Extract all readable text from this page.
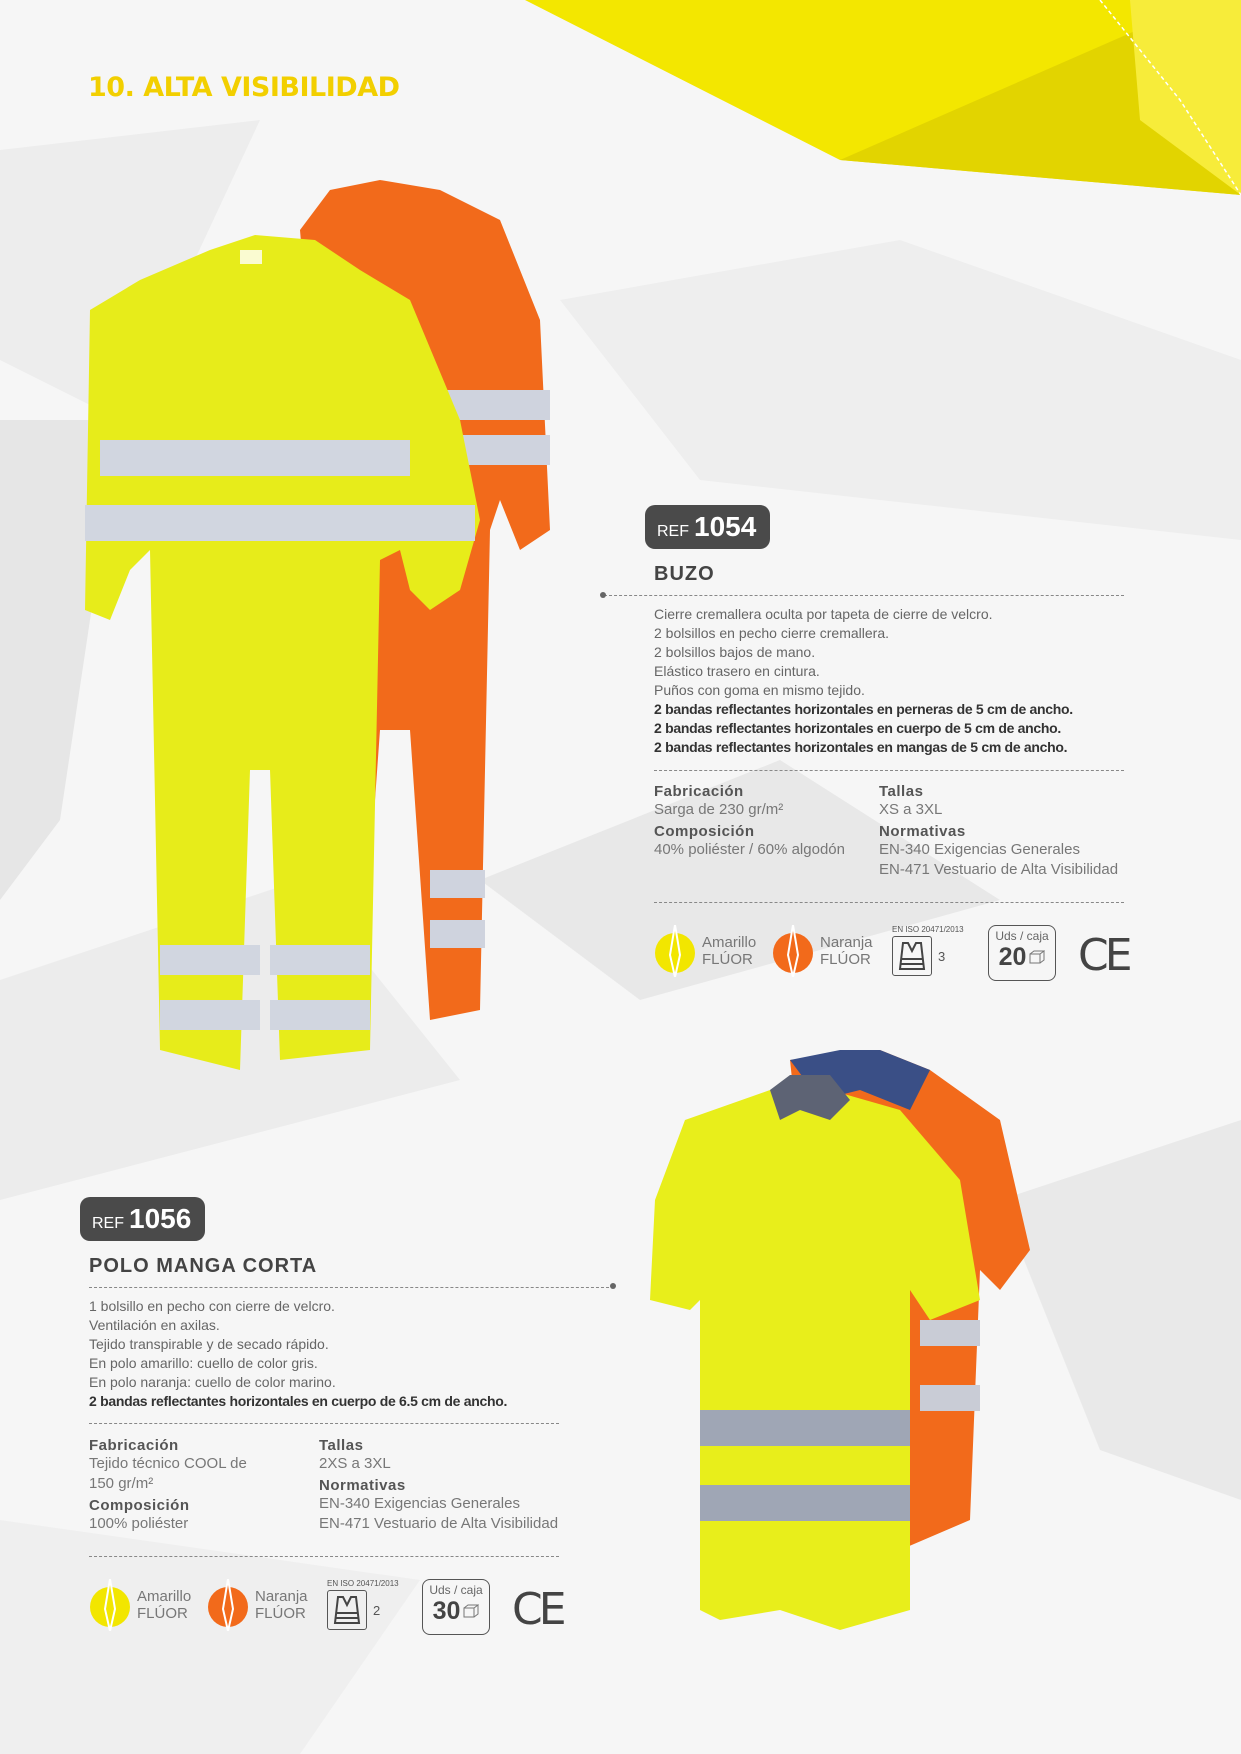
10. ALTA VISIBILIDAD
REF 1054
BUZO
Cierre cremallera oculta por tapeta de cierre de velcro.
2 bolsillos en pecho cierre cremallera.
2 bolsillos bajos de mano.
Elástico trasero en cintura.
Puños con goma en mismo tejido.
2 bandas reflectantes horizontales en perneras de 5 cm de ancho.
2 bandas reflectantes horizontales en cuerpo de 5 cm de ancho.
2 bandas reflectantes horizontales en mangas de 5 cm de ancho.
Fabricación
Sarga de 230 gr/m²
Composición
40% poliéster / 60% algodón
Tallas
XS a 3XL
Normativas
EN-340 Exigencias Generales
EN-471 Vestuario de Alta Visibilidad
Amarillo
FLÚOR
Naranja
FLÚOR
EN ISO 20471/2013
3
Uds / caja
20 CE
REF 1056
POLO MANGA CORTA
1 bolsillo en pecho con cierre de velcro.
Ventilación en axilas.
Tejido transpirable y de secado rápido.
En polo amarillo: cuello de color gris.
En polo naranja: cuello de color marino.
2 bandas reflectantes horizontales en cuerpo de 6.5 cm de ancho.
Fabricación
Tejido técnico COOL de 150 gr/m²
Composición
100% poliéster
Tallas
2XS a 3XL
Normativas
EN-340 Exigencias Generales
EN-471 Vestuario de Alta Visibilidad
Amarillo
FLÚOR
Naranja
FLÚOR
EN ISO 20471/2013
2
Uds / caja
30 CE
